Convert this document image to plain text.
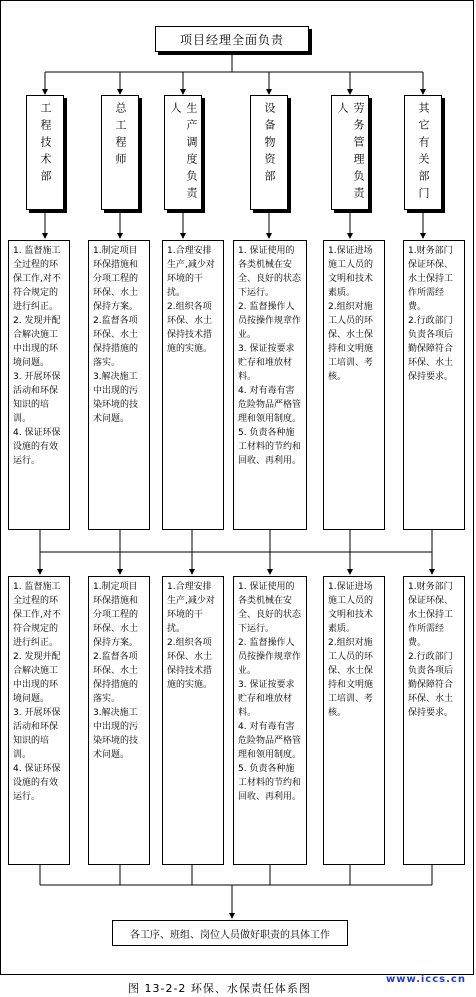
项目经理全面负责
工程技术部	总工程师	生产调度负责人	设备物资部	劳务管理负责人	其它有关部门
1. 监督施工全过程的环保工作,对不符合规定的进行纠正。
2. 发现并配合解决施工中出现的环境问题。
3. 开展环保活动和环保知识的培训。
4. 保证环保设施的有效运行。
1.制定项目环保措施和分项工程的环保、水土保持方案。
2.监督各项环保、水土保持措施的落实。
3.解决施工中出现的污染环境的技术问题。
1.合理安排生产,减少对环境的干扰。
2.组织各项环保、水土保持技术措施的实施。
1. 保证使用的各类机械在安全、良好的状态下运行。
2. 监督操作人员按操作规章作业。
3. 保证按要求贮存和堆放材料。
4. 对有毒有害危险物品严格管理和领用制度。
5. 负责各种施工材料的节约和回收、再利用。
1.保证进场施工人员的文明和技术素质。
2.组织对施工人员的环保、水土保持和文明施工培训、考核。
1.财务部门保证环保、水土保持工作所需经费。
2.行政部门负责各项后勤保障符合环保、水土保持要求。
1. 监督施工全过程的环保工作,对不符合规定的进行纠正。
2. 发现并配合解决施工中出现的环境问题。
3. 开展环保活动和环保知识的培训。
4. 保证环保设施的有效运行。
1.制定项目环保措施和分项工程的环保、水土保持方案。
2.监督各项环保、水土保持措施的落实。
3.解决施工中出现的污染环境的技术问题。
1.合理安排生产,减少对环境的干扰。
2.组织各项环保、水土保持技术措施的实施。
1. 保证使用的各类机械在安全、良好的状态下运行。
2. 监督操作人员按操作规章作业。
3. 保证按要求贮存和堆放材料。
4. 对有毒有害危险物品严格管理和领用制度。
5. 负责各种施工材料的节约和回收、再利用。
1.保证进场施工人员的文明和技术素质。
2.组织对施工人员的环保、水土保持和文明施工培训、考核。
1.财务部门保证环保、水土保持工作所需经费。
2.行政部门负责各项后勤保障符合环保、水土保持要求。
各工序、班组、岗位人员做好职责的具体工作
图 13-2-2 环保、水保责任体系图
www.iccs.cn
